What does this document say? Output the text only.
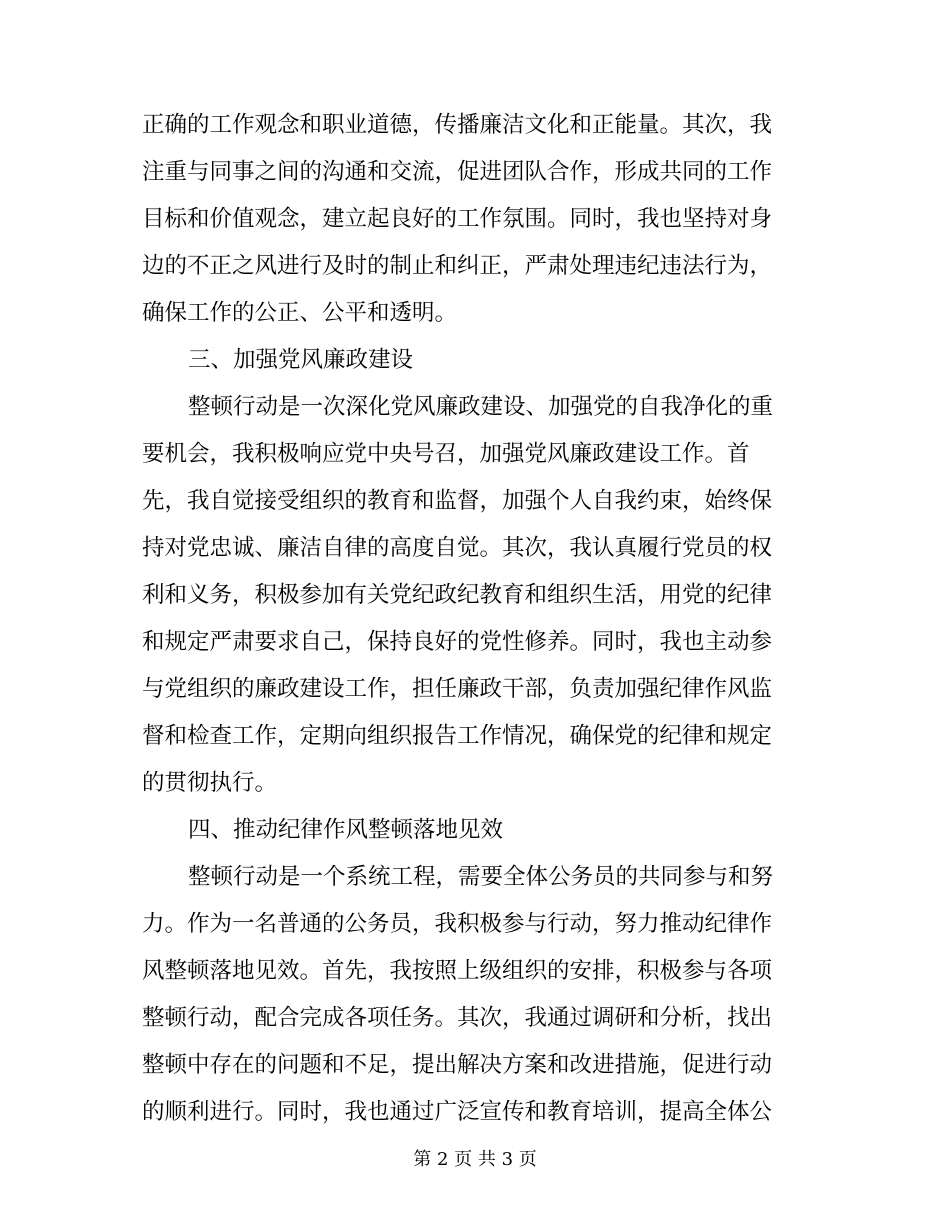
正确的工作观念和职业道德，传播廉洁文化和正能量。其次，我
注重与同事之间的沟通和交流，促进团队合作，形成共同的工作
目标和价值观念，建立起良好的工作氛围。同时，我也坚持对身
边的不正之风进行及时的制止和纠正，严肃处理违纪违法行为，
确保工作的公正、公平和透明。
三、加强党风廉政建设
整顿行动是一次深化党风廉政建设、加强党的自我净化的重
要机会，我积极响应党中央号召，加强党风廉政建设工作。首
先，我自觉接受组织的教育和监督，加强个人自我约束，始终保
持对党忠诚、廉洁自律的高度自觉。其次，我认真履行党员的权
利和义务，积极参加有关党纪政纪教育和组织生活，用党的纪律
和规定严肃要求自己，保持良好的党性修养。同时，我也主动参
与党组织的廉政建设工作，担任廉政干部，负责加强纪律作风监
督和检查工作，定期向组织报告工作情况，确保党的纪律和规定
的贯彻执行。
四、推动纪律作风整顿落地见效
整顿行动是一个系统工程，需要全体公务员的共同参与和努
力。作为一名普通的公务员，我积极参与行动，努力推动纪律作
风整顿落地见效。首先，我按照上级组织的安排，积极参与各项
整顿行动，配合完成各项任务。其次，我通过调研和分析，找出
整顿中存在的问题和不足，提出解决方案和改进措施，促进行动
的顺利进行。同时，我也通过广泛宣传和教育培训，提高全体公
第 2 页 共 3 页
